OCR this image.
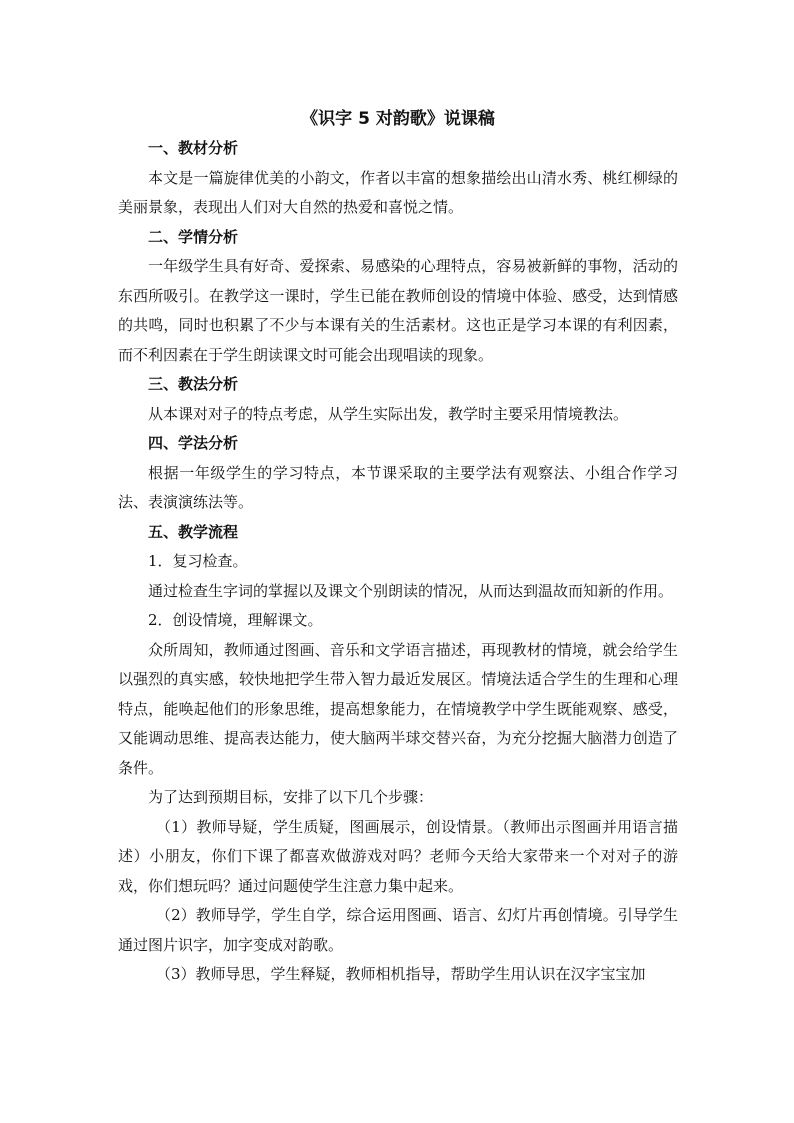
《识字 5 对韵歌》说课稿

一、教材分析

本文是一篇旋律优美的小韵文，作者以丰富的想象描绘出山清水秀、桃红柳绿的美丽景象，表现出人们对大自然的热爱和喜悦之情。

二、学情分析

一年级学生具有好奇、爱探索、易感染的心理特点，容易被新鲜的事物，活动的东西所吸引。在教学这一课时，学生已能在教师创设的情境中体验、感受，达到情感的共鸣，同时也积累了不少与本课有关的生活素材。这也正是学习本课的有利因素，而不利因素在于学生朗读课文时可能会出现唱读的现象。

三、教法分析

从本课对对子的特点考虑，从学生实际出发，教学时主要采用情境教法。

四、学法分析

根据一年级学生的学习特点，本节课采取的主要学法有观察法、小组合作学习法、表演演练法等。

五、教学流程

1．复习检查。

通过检查生字词的掌握以及课文个别朗读的情况，从而达到温故而知新的作用。

2．创设情境，理解课文。

众所周知，教师通过图画、音乐和文学语言描述，再现教材的情境，就会给学生以强烈的真实感，较快地把学生带入智力最近发展区。情境法适合学生的生理和心理特点，能唤起他们的形象思维，提高想象能力，在情境教学中学生既能观察、感受，又能调动思维、提高表达能力，使大脑两半球交替兴奋，为充分挖掘大脑潜力创造了条件。

为了达到预期目标，安排了以下几个步骤：

（1）教师导疑，学生质疑，图画展示，创设情景。（教师出示图画并用语言描述）小朋友，你们下课了都喜欢做游戏对吗？老师今天给大家带来一个对对子的游戏，你们想玩吗？通过问题使学生注意力集中起来。

（2）教师导学，学生自学，综合运用图画、语言、幻灯片再创情境。引导学生通过图片识字，加字变成对韵歌。

（3）教师导思，学生释疑，教师相机指导，帮助学生用认识在汉字宝宝加
